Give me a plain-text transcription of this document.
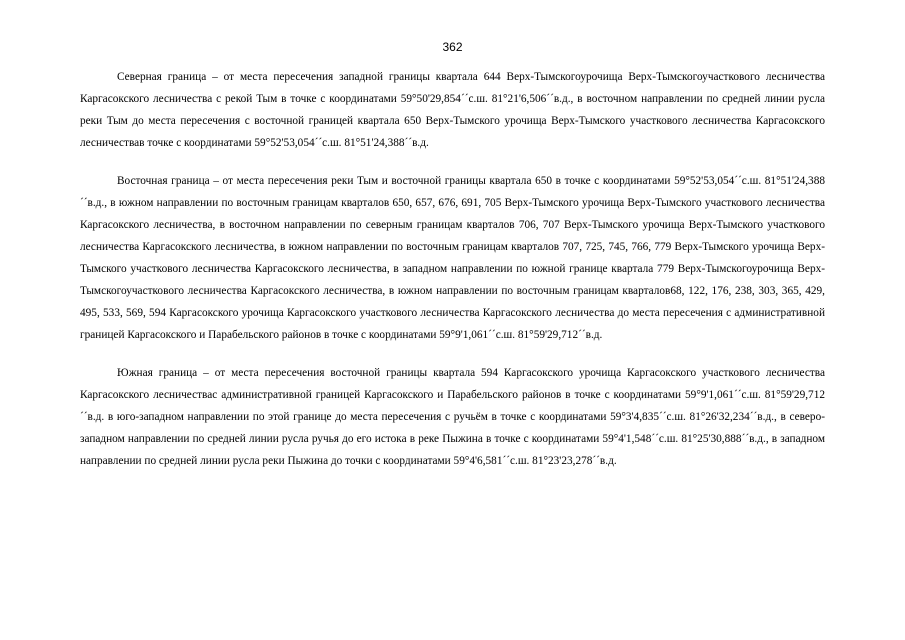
362

Северная граница – от места пересечения западной границы квартала 644 Верх-Тымскогоурочища Верх-Тымскогоучасткового лесничества Каргасокского лесничества с рекой Тым в точке с координатами 59°50'29,854´´с.ш. 81°21'6,506´´в.д., в восточном направлении по средней линии русла реки Тым до места пересечения с восточной границей квартала 650 Верх-Тымского урочища Верх-Тымского участкового лесничества Каргасокского лесничествав точке с координатами 59°52'53,054´´с.ш. 81°51'24,388´´в.д.

Восточная граница – от места пересечения реки Тым и восточной границы квартала 650 в точке с координатами 59°52'53,054´´с.ш. 81°51'24,388´´в.д., в южном направлении по восточным границам кварталов 650, 657, 676, 691, 705 Верх-Тымского урочища Верх-Тымского участкового лесничества Каргасокского лесничества, в восточном направлении по северным границам кварталов 706, 707 Верх-Тымского урочища Верх-Тымского участкового лесничества Каргасокского лесничества, в южном направлении по восточным границам кварталов 707, 725, 745, 766, 779 Верх-Тымского урочища Верх-Тымского участкового лесничества Каргасокского лесничества, в западном направлении по южной границе квартала 779 Верх-Тымскогоурочища Верх-Тымскогоучасткового лесничества Каргасокского лесничества, в южном направлении по восточным границам кварталов68, 122, 176, 238, 303, 365, 429, 495, 533, 569, 594 Каргасокского урочища Каргасокского участкового лесничества Каргасокского лесничества до места пересечения с административной границей Каргасокского и Парабельского районов в точке с координатами 59°9'1,061´´с.ш. 81°59'29,712´´в.д.

Южная граница – от места пересечения восточной границы квартала 594 Каргасокского урочища Каргасокского участкового лесничества Каргасокского лесничествас административной границей Каргасокского и Парабельского районов в точке с координатами 59°9'1,061´´с.ш. 81°59'29,712´´в.д. в юго-западном направлении по этой границе до места пересечения с ручьём в точке с координатами 59°3'4,835´´с.ш. 81°26'32,234´´в.д., в северо-западном направлении по средней линии русла ручья до его истока в реке Пыжина в точке с координатами 59°4'1,548´´с.ш. 81°25'30,888´´в.д., в западном направлении по средней линии русла реки Пыжина до точки с координатами 59°4'6,581´´с.ш. 81°23'23,278´´в.д.
